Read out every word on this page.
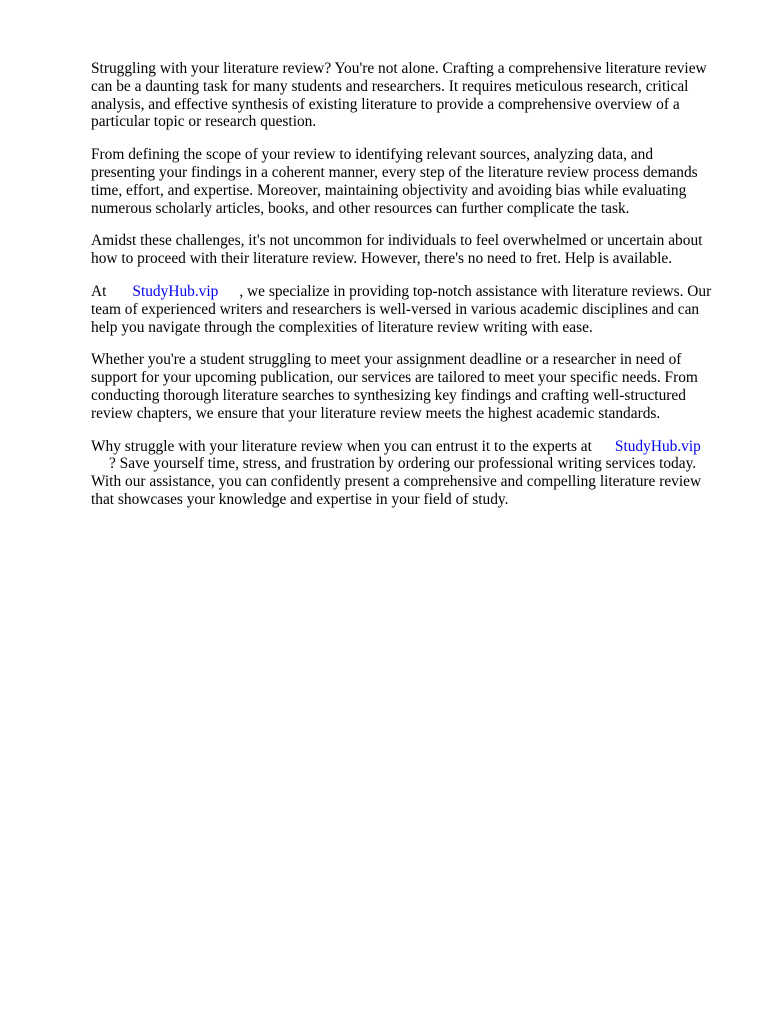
Struggling with your literature review? You're not alone. Crafting a comprehensive literature review
can be a daunting task for many students and researchers. It requires meticulous research, critical
analysis, and effective synthesis of existing literature to provide a comprehensive overview of a
particular topic or research question.

From defining the scope of your review to identifying relevant sources, analyzing data, and
presenting your findings in a coherent manner, every step of the literature review process demands
time, effort, and expertise. Moreover, maintaining objectivity and avoiding bias while evaluating
numerous scholarly articles, books, and other resources can further complicate the task.

Amidst these challenges, it's not uncommon for individuals to feel overwhelmed or uncertain about
how to proceed with their literature review. However, there's no need to fret. Help is available.

At StudyHub.vip , we specialize in providing top-notch assistance with literature reviews. Our
team of experienced writers and researchers is well-versed in various academic disciplines and can
help you navigate through the complexities of literature review writing with ease.

Whether you're a student struggling to meet your assignment deadline or a researcher in need of
support for your upcoming publication, our services are tailored to meet your specific needs. From
conducting thorough literature searches to synthesizing key findings and crafting well-structured
review chapters, we ensure that your literature review meets the highest academic standards.

Why struggle with your literature review when you can entrust it to the experts at StudyHub.vip
? Save yourself time, stress, and frustration by ordering our professional writing services today.
With our assistance, you can confidently present a comprehensive and compelling literature review
that showcases your knowledge and expertise in your field of study.
